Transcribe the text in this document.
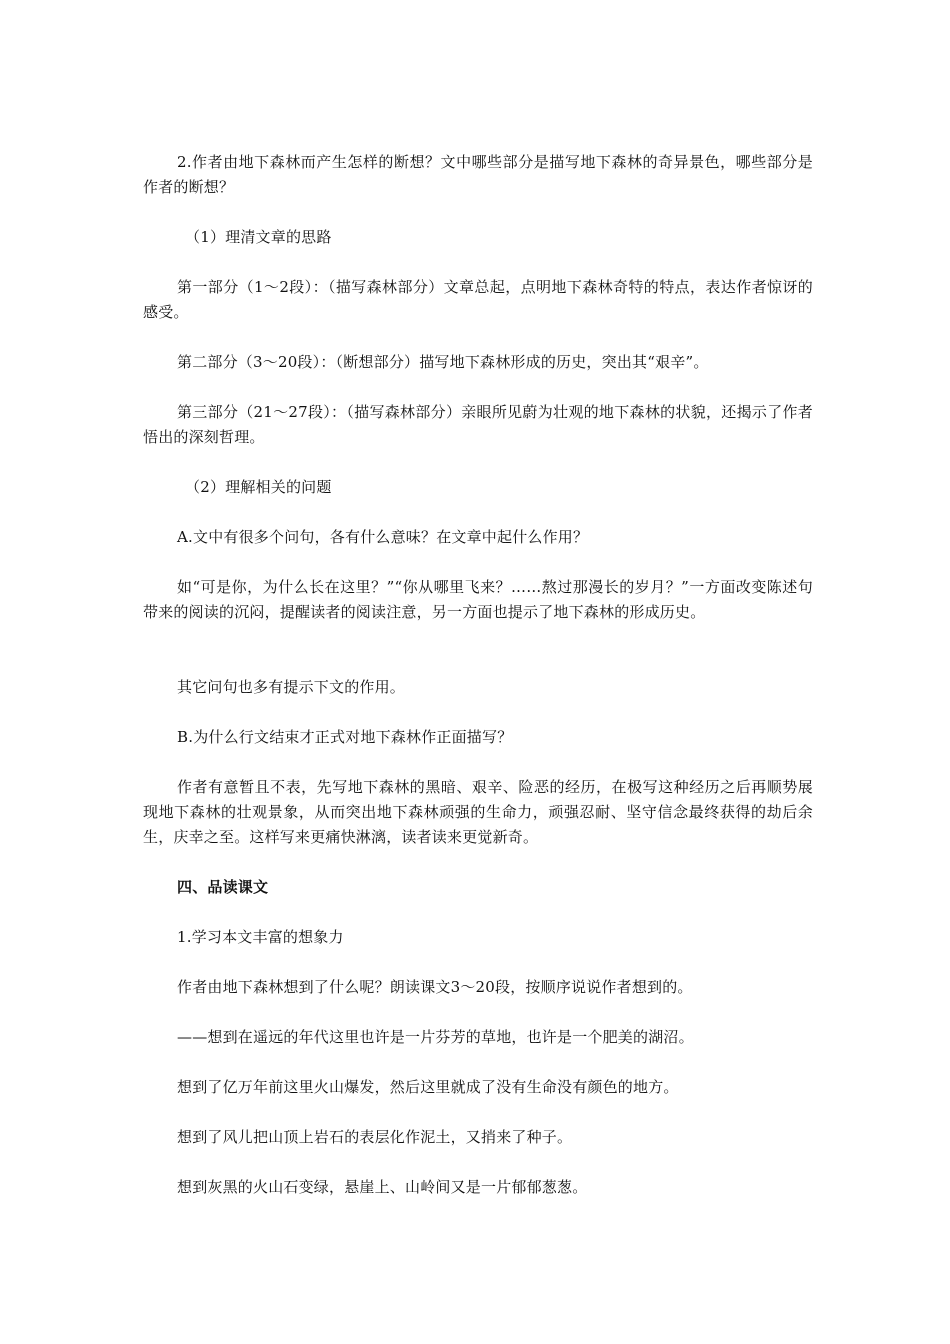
2.作者由地下森林而产生怎样的断想？文中哪些部分是描写地下森林的奇异景色，哪些部分是作者的断想？

（1）理清文章的思路

第一部分（1～2段）：（描写森林部分）文章总起，点明地下森林奇特的特点，表达作者惊讶的感受。

第二部分（3～20段）：（断想部分）描写地下森林形成的历史，突出其“艰辛”。

第三部分（21～27段）：（描写森林部分）亲眼所见蔚为壮观的地下森林的状貌，还揭示了作者悟出的深刻哲理。

（2）理解相关的问题

A.文中有很多个问句，各有什么意味？在文章中起什么作用？

如“可是你，为什么长在这里？”“你从哪里飞来？……熬过那漫长的岁月？”一方面改变陈述句带来的阅读的沉闷，提醒读者的阅读注意，另一方面也提示了地下森林的形成历史。

其它问句也多有提示下文的作用。

B.为什么行文结束才正式对地下森林作正面描写？

作者有意暂且不表，先写地下森林的黑暗、艰辛、险恶的经历，在极写这种经历之后再顺势展现地下森林的壮观景象，从而突出地下森林顽强的生命力，顽强忍耐、坚守信念最终获得的劫后余生，庆幸之至。这样写来更痛快淋漓，读者读来更觉新奇。

四、品读课文

1.学习本文丰富的想象力

作者由地下森林想到了什么呢？朗读课文3～20段，按顺序说说作者想到的。

——想到在遥远的年代这里也许是一片芬芳的草地，也许是一个肥美的湖沼。

想到了亿万年前这里火山爆发，然后这里就成了没有生命没有颜色的地方。

想到了风儿把山顶上岩石的表层化作泥土，又捎来了种子。

想到灰黑的火山石变绿，悬崖上、山岭间又是一片郁郁葱葱。
